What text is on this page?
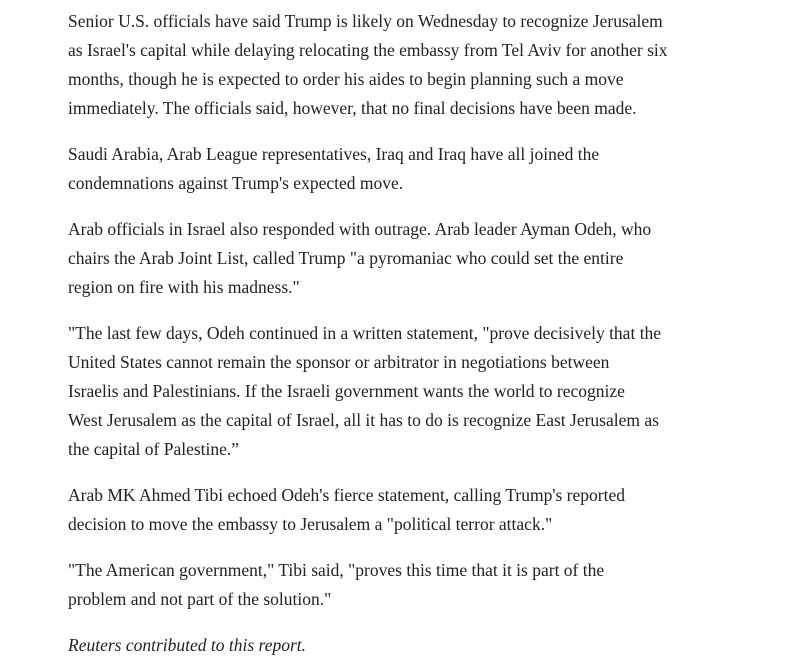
Senior U.S. officials have said Trump is likely on Wednesday to recognize Jerusalem
as Israel's capital while delaying relocating the embassy from Tel Aviv for another six
months, though he is expected to order his aides to begin planning such a move
immediately. The officials said, however, that no final decisions have been made.

Saudi Arabia, Arab League representatives, Iraq and Iraq have all joined the
condemnations against Trump's expected move.

Arab officials in Israel also responded with outrage. Arab leader Ayman Odeh, who
chairs the Arab Joint List, called Trump "a pyromaniac who could set the entire
region on fire with his madness."

"The last few days, Odeh continued in a written statement, "prove decisively that the
United States cannot remain the sponsor or arbitrator in negotiations between
Israelis and Palestinians. If the Israeli government wants the world to recognize
West Jerusalem as the capital of Israel, all it has to do is recognize East Jerusalem as
the capital of Palestine.”

Arab MK Ahmed Tibi echoed Odeh's fierce statement, calling Trump's reported
decision to move the embassy to Jerusalem a "political terror attack."

"The American government," Tibi said, "proves this time that it is part of the
problem and not part of the solution."

Reuters contributed to this report.
